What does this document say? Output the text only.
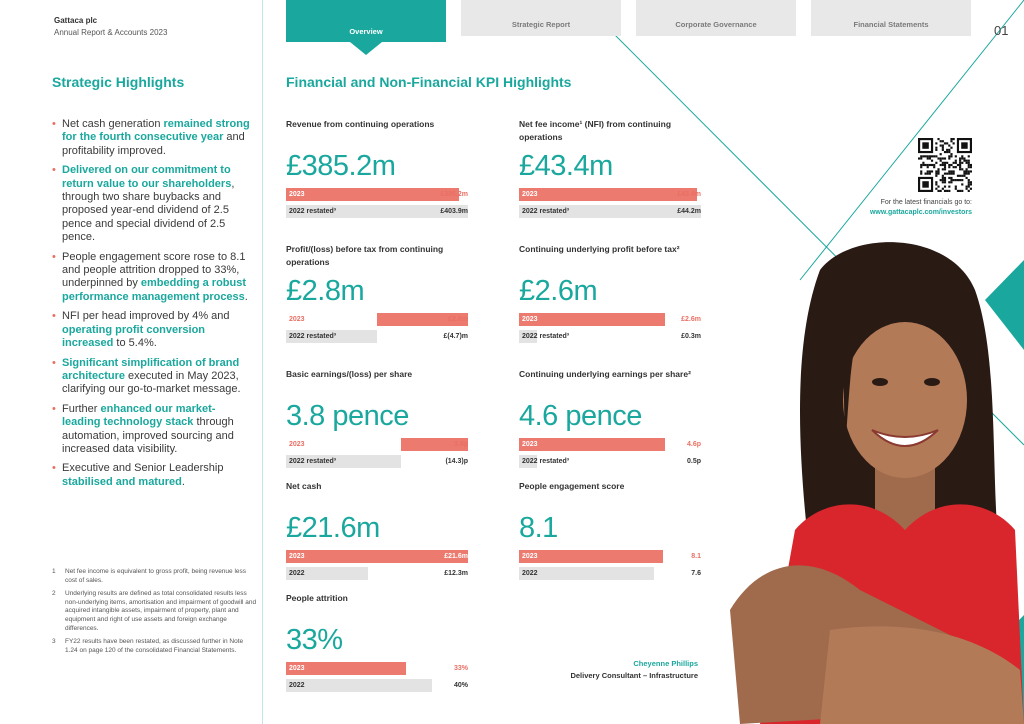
Gattaca plc
Annual Report & Accounts 2023	01
Overview
Strategic Report	Corporate Governance	Financial Statements
Strategic Highlights
• Net cash generation remained strong for the fourth consecutive year and profitability improved.
• Delivered on our commitment to return value to our shareholders, through two share buybacks and proposed year-end dividend of 2.5 pence and special dividend of 2.5 pence.
• People engagement score rose to 8.1 and people attrition dropped to 33%, underpinned by embedding a robust performance management process.
• NFI per head improved by 4% and operating profit conversion increased to 5.4%.
• Significant simplification of brand architecture executed in May 2023, clarifying our go-to-market message.
• Further enhanced our market-leading technology stack through automation, improved sourcing and increased data visibility.
• Executive and Senior Leadership stabilised and matured.
1 Net fee income is equivalent to gross profit, being revenue less cost of sales.
2 Underlying results are defined as total consolidated results less non-underlying items, amortisation and impairment of goodwill and acquired intangible assets, impairment of property, plant and equipment and right of use assets and foreign exchange differences.
3 FY22 results have been restated, as discussed further in Note 1.24 on page 120 of the consolidated Financial Statements.
Financial and Non-Financial KPI Highlights
Revenue from continuing operations
£385.2m
2023	£385.2m
2022 restated³	£403.9m
Net fee income¹ (NFI) from continuing operations
£43.4m
2023	£43.4m
2022 restated³	£44.2m
Profit/(loss) before tax from continuing operations
£2.8m
2023	£2.8m
2022 restated³	£(4.7)m
Continuing underlying profit before tax²
£2.6m
2023	£2.6m
2022 restated³	£0.3m
Basic earnings/(loss) per share
3.8 pence
2023	3.8p
2022 restated³	(14.3)p
Continuing underlying earnings per share²
4.6 pence
2023	4.6p
2022 restated³	0.5p
Net cash
£21.6m
2023	£21.6m
2022	£12.3m
People engagement score
8.1
2023	8.1
2022	7.6
People attrition
33%
2023	33%
2022	40%
For the latest financials go to:
www.gattacaplc.com/investors
Cheyenne Phillips
Delivery Consultant – Infrastructure
